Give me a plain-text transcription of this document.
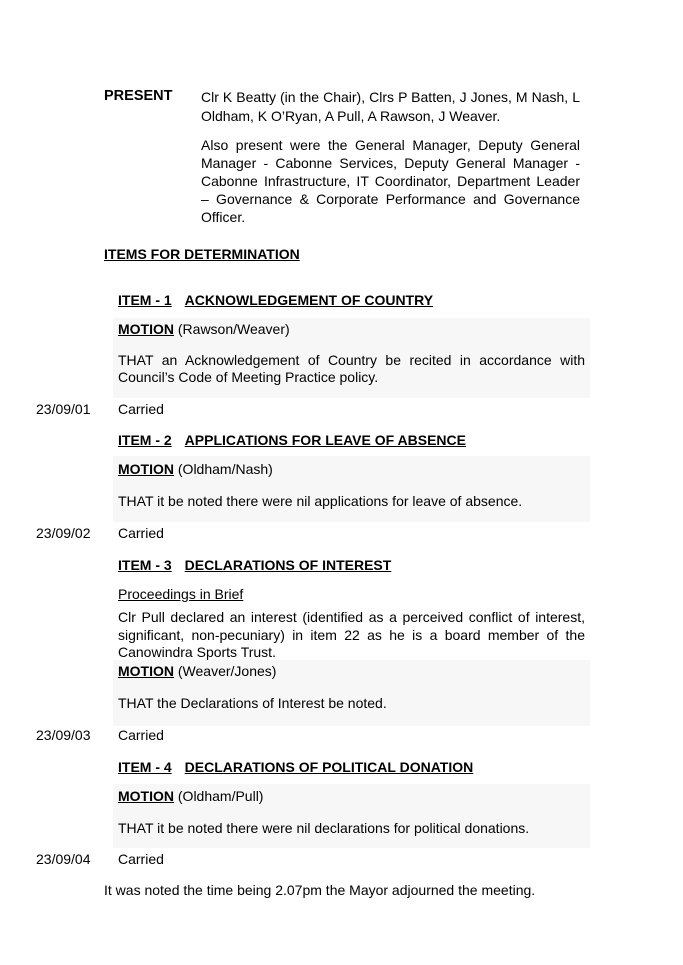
PRESENT Clr K Beatty (in the Chair), Clrs P Batten, J Jones, M Nash, L Oldham, K O’Ryan, A Pull, A Rawson, J Weaver.
Also present were the General Manager, Deputy General Manager - Cabonne Services, Deputy General Manager - Cabonne Infrastructure, IT Coordinator, Department Leader – Governance & Corporate Performance and Governance Officer.
ITEMS FOR DETERMINATION
ITEM - 1 ACKNOWLEDGEMENT OF COUNTRY
MOTION (Rawson/Weaver)
THAT an Acknowledgement of Country be recited in accordance with Council’s Code of Meeting Practice policy.
23/09/01 Carried
ITEM - 2 APPLICATIONS FOR LEAVE OF ABSENCE
MOTION (Oldham/Nash)
THAT it be noted there were nil applications for leave of absence.
23/09/02 Carried
ITEM - 3 DECLARATIONS OF INTEREST
Proceedings in Brief
Clr Pull declared an interest (identified as a perceived conflict of interest, significant, non-pecuniary) in item 22 as he is a board member of the Canowindra Sports Trust.
MOTION (Weaver/Jones)
THAT the Declarations of Interest be noted.
23/09/03 Carried
ITEM - 4 DECLARATIONS OF POLITICAL DONATION
MOTION (Oldham/Pull)
THAT it be noted there were nil declarations for political donations.
23/09/04 Carried
It was noted the time being 2.07pm the Mayor adjourned the meeting.
